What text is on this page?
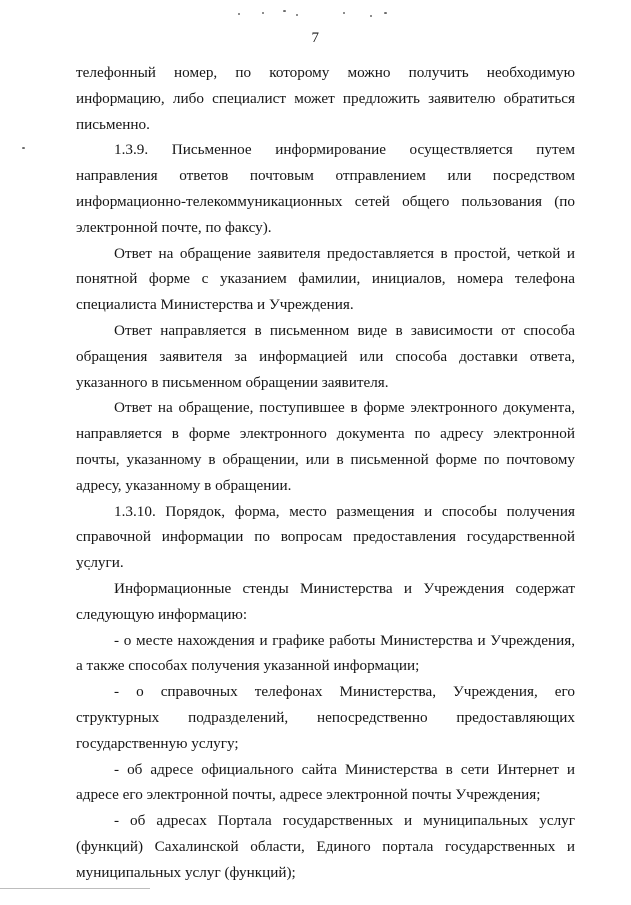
7

телефонный номер, по которому можно получить необходимую информацию, либо специалист может предложить заявителю обратиться письменно.

1.3.9. Письменное информирование осуществляется путем направления ответов почтовым отправлением или посредством информационно-телекоммуникационных сетей общего пользования (по электронной почте, по факсу).

Ответ на обращение заявителя предоставляется в простой, четкой и понятной форме с указанием фамилии, инициалов, номера телефона специалиста Министерства и Учреждения.

Ответ направляется в письменном виде в зависимости от способа обращения заявителя за информацией или способа доставки ответа, указанного в письменном обращении заявителя.

Ответ на обращение, поступившее в форме электронного документа, направляется в форме электронного документа по адресу электронной почты, указанному в обращении, или в письменной форме по почтовому адресу, указанному в обращении.

1.3.10. Порядок, форма, место размещения и способы получения справочной информации по вопросам предоставления государственной услуги.

Информационные стенды Министерства и Учреждения содержат следующую информацию:

- о месте нахождения и графике работы Министерства и Учреждения, а также способах получения указанной информации;

- о справочных телефонах Министерства, Учреждения, его структурных подразделений, непосредственно предоставляющих государственную услугу;

- об адресе официального сайта Министерства в сети Интернет и адресе его электронной почты, адресе электронной почты Учреждения;

- об адресах Портала государственных и муниципальных услуг (функций) Сахалинской области, Единого портала государственных и муниципальных услуг (функций);
